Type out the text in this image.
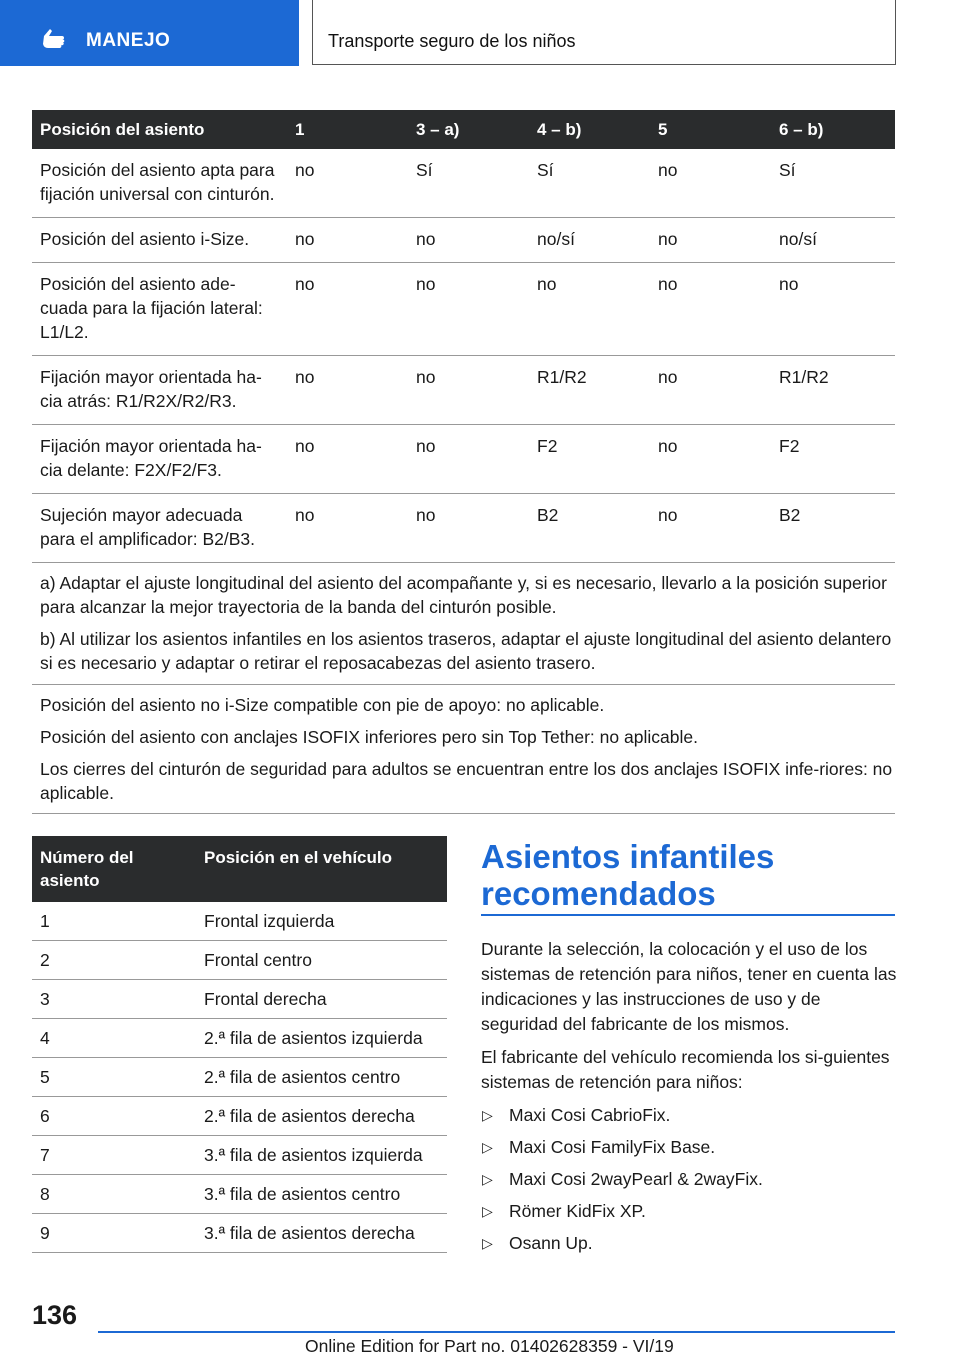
MANEJO	Transporte seguro de los niños
Posición del asiento	1	3 – a)	4 – b)	5	6 – b)
Posición del asiento apta para fijación universal con cinturón.	no	Sí	Sí	no	Sí
Posición del asiento i-Size.	no	no	no/sí	no	no/sí
Posición del asiento ade-cuada para la fijación lateral: L1/L2.	no	no	no	no	no
Fijación mayor orientada ha-cia atrás: R1/R2X/R2/R3.	no	no	R1/R2	no	R1/R2
Fijación mayor orientada ha-cia delante: F2X/F2/F3.	no	no	F2	no	F2
Sujeción mayor adecuada para el amplificador: B2/B3.	no	no	B2	no	B2

a) Adaptar el ajuste longitudinal del asiento del acompañante y, si es necesario, llevarlo a la posición superior para alcanzar la mejor trayectoria de la banda del cinturón posible.

b) Al utilizar los asientos infantiles en los asientos traseros, adaptar el ajuste longitudinal del asiento delantero si es necesario y adaptar o retirar el reposacabezas del asiento trasero.

Posición del asiento no i-Size compatible con pie de apoyo: no aplicable.

Posición del asiento con anclajes ISOFIX inferiores pero sin Top Tether: no aplicable.

Los cierres del cinturón de seguridad para adultos se encuentran entre los dos anclajes ISOFIX infe-riores: no aplicable.

Número del asiento	Posición en el vehículo
1	Frontal izquierda
2	Frontal centro
3	Frontal derecha
4	2.ª fila de asientos izquierda
5	2.ª fila de asientos centro
6	2.ª fila de asientos derecha
7	3.ª fila de asientos izquierda
8	3.ª fila de asientos centro
9	3.ª fila de asientos derecha
Asientos infantiles
recomendados

Durante la selección, la colocación y el uso de los sistemas de retención para niños, tener en cuenta las indicaciones y las instrucciones de uso y de seguridad del fabricante de los mismos.

El fabricante del vehículo recomienda los si-guientes sistemas de retención para niños:

▷ Maxi Cosi CabrioFix.
▷ Maxi Cosi FamilyFix Base.
▷ Maxi Cosi 2wayPearl & 2wayFix.
▷ Römer KidFix XP.
▷ Osann Up.
136
Online Edition for Part no. 01402628359 - VI/19
